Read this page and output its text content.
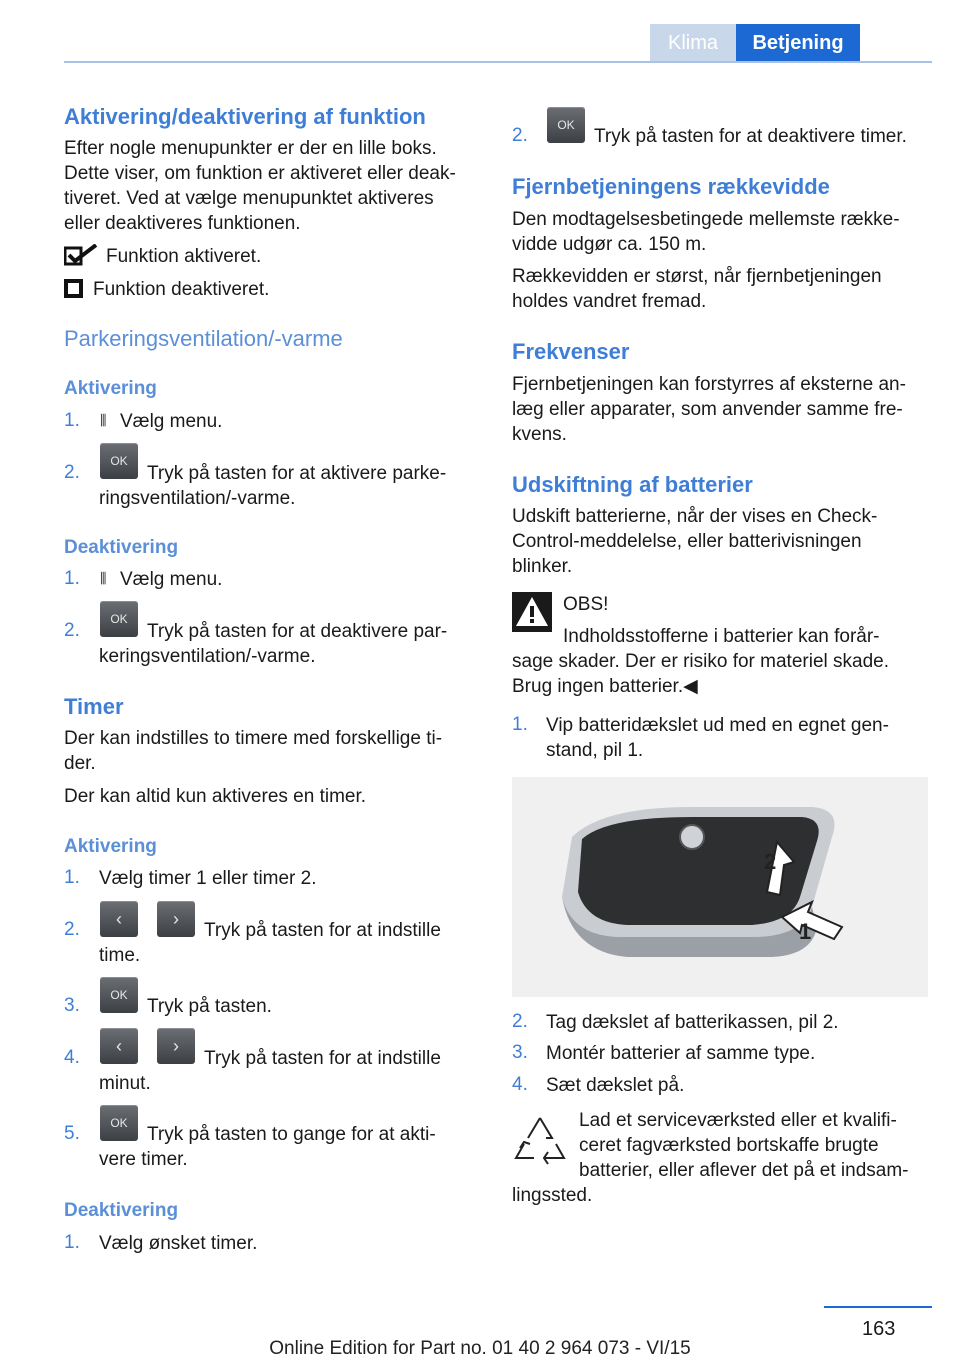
Klima	Betjening
Aktivering/deaktivering af funktion

Efter nogle menupunkter er der en lille boks.

Dette viser, om funktion er aktiveret eller deak-

tiveret. Ved at vælge menupunktet aktiveres

eller deaktiveres funktionen.

Funktion aktiveret.

Funktion deaktiveret.

Parkeringsventilation/-varme
Aktivering
1. ⫼ Vælg menu.

2.
OK

Tryk på tasten for at aktivere parke-

ringsventilation/-varme.

Deaktivering
1. ⫼ Vælg menu.

2.
OK

Tryk på tasten for at deaktivere par-

keringsventilation/-varme.

Timer

Der kan indstilles to timere med forskellige ti-

der.

Der kan altid kun aktiveres en timer.

Aktivering
1. Vælg timer 1 eller timer 2.

2.	‹	›

Tryk på tasten for at indstille

time.

3.	OK

Tryk på tasten.

4.
‹	›

Tryk på tasten for at indstille

minut.

5.	OK

Tryk på tasten to gange for at akti-

vere timer.

Deaktivering
1. Vælg ønsket timer.

2.	OK

Tryk på tasten for at deaktivere timer.

Fjernbetjeningens rækkevidde

Den modtagelsesbetingede mellemste række-

vidde udgør ca. 150 m.

Rækkevidden er størst, når fjernbetjeningen

holdes vandret fremad.

Frekvenser

Fjernbetjeningen kan forstyrres af eksterne an-

læg eller apparater, som anvender samme fre-

kvens.

Udskiftning af batterier

Udskift batterierne, når der vises en Check-

Control-meddelelse, eller batterivisningen

blinker.

OBS!

Indholdsstofferne i batterier kan forår-

sage skader. Der er risiko for materiel skade.

Brug ingen batterier.◀

1. Vip batteridækslet ud med en egnet gen-

stand, pil 1.

2
1
2. Tag dækslet af batterikassen, pil 2.

3. Montér batterier af samme type.

4. Sæt dækslet på.

Lad et serviceværksted eller et kvalifi-

ceret fagværksted bortskaffe brugte

batterier, eller aflever det på et indsam-

lingssted.

163
Online Edition for Part no. 01 40 2 964 073 - VI/15
